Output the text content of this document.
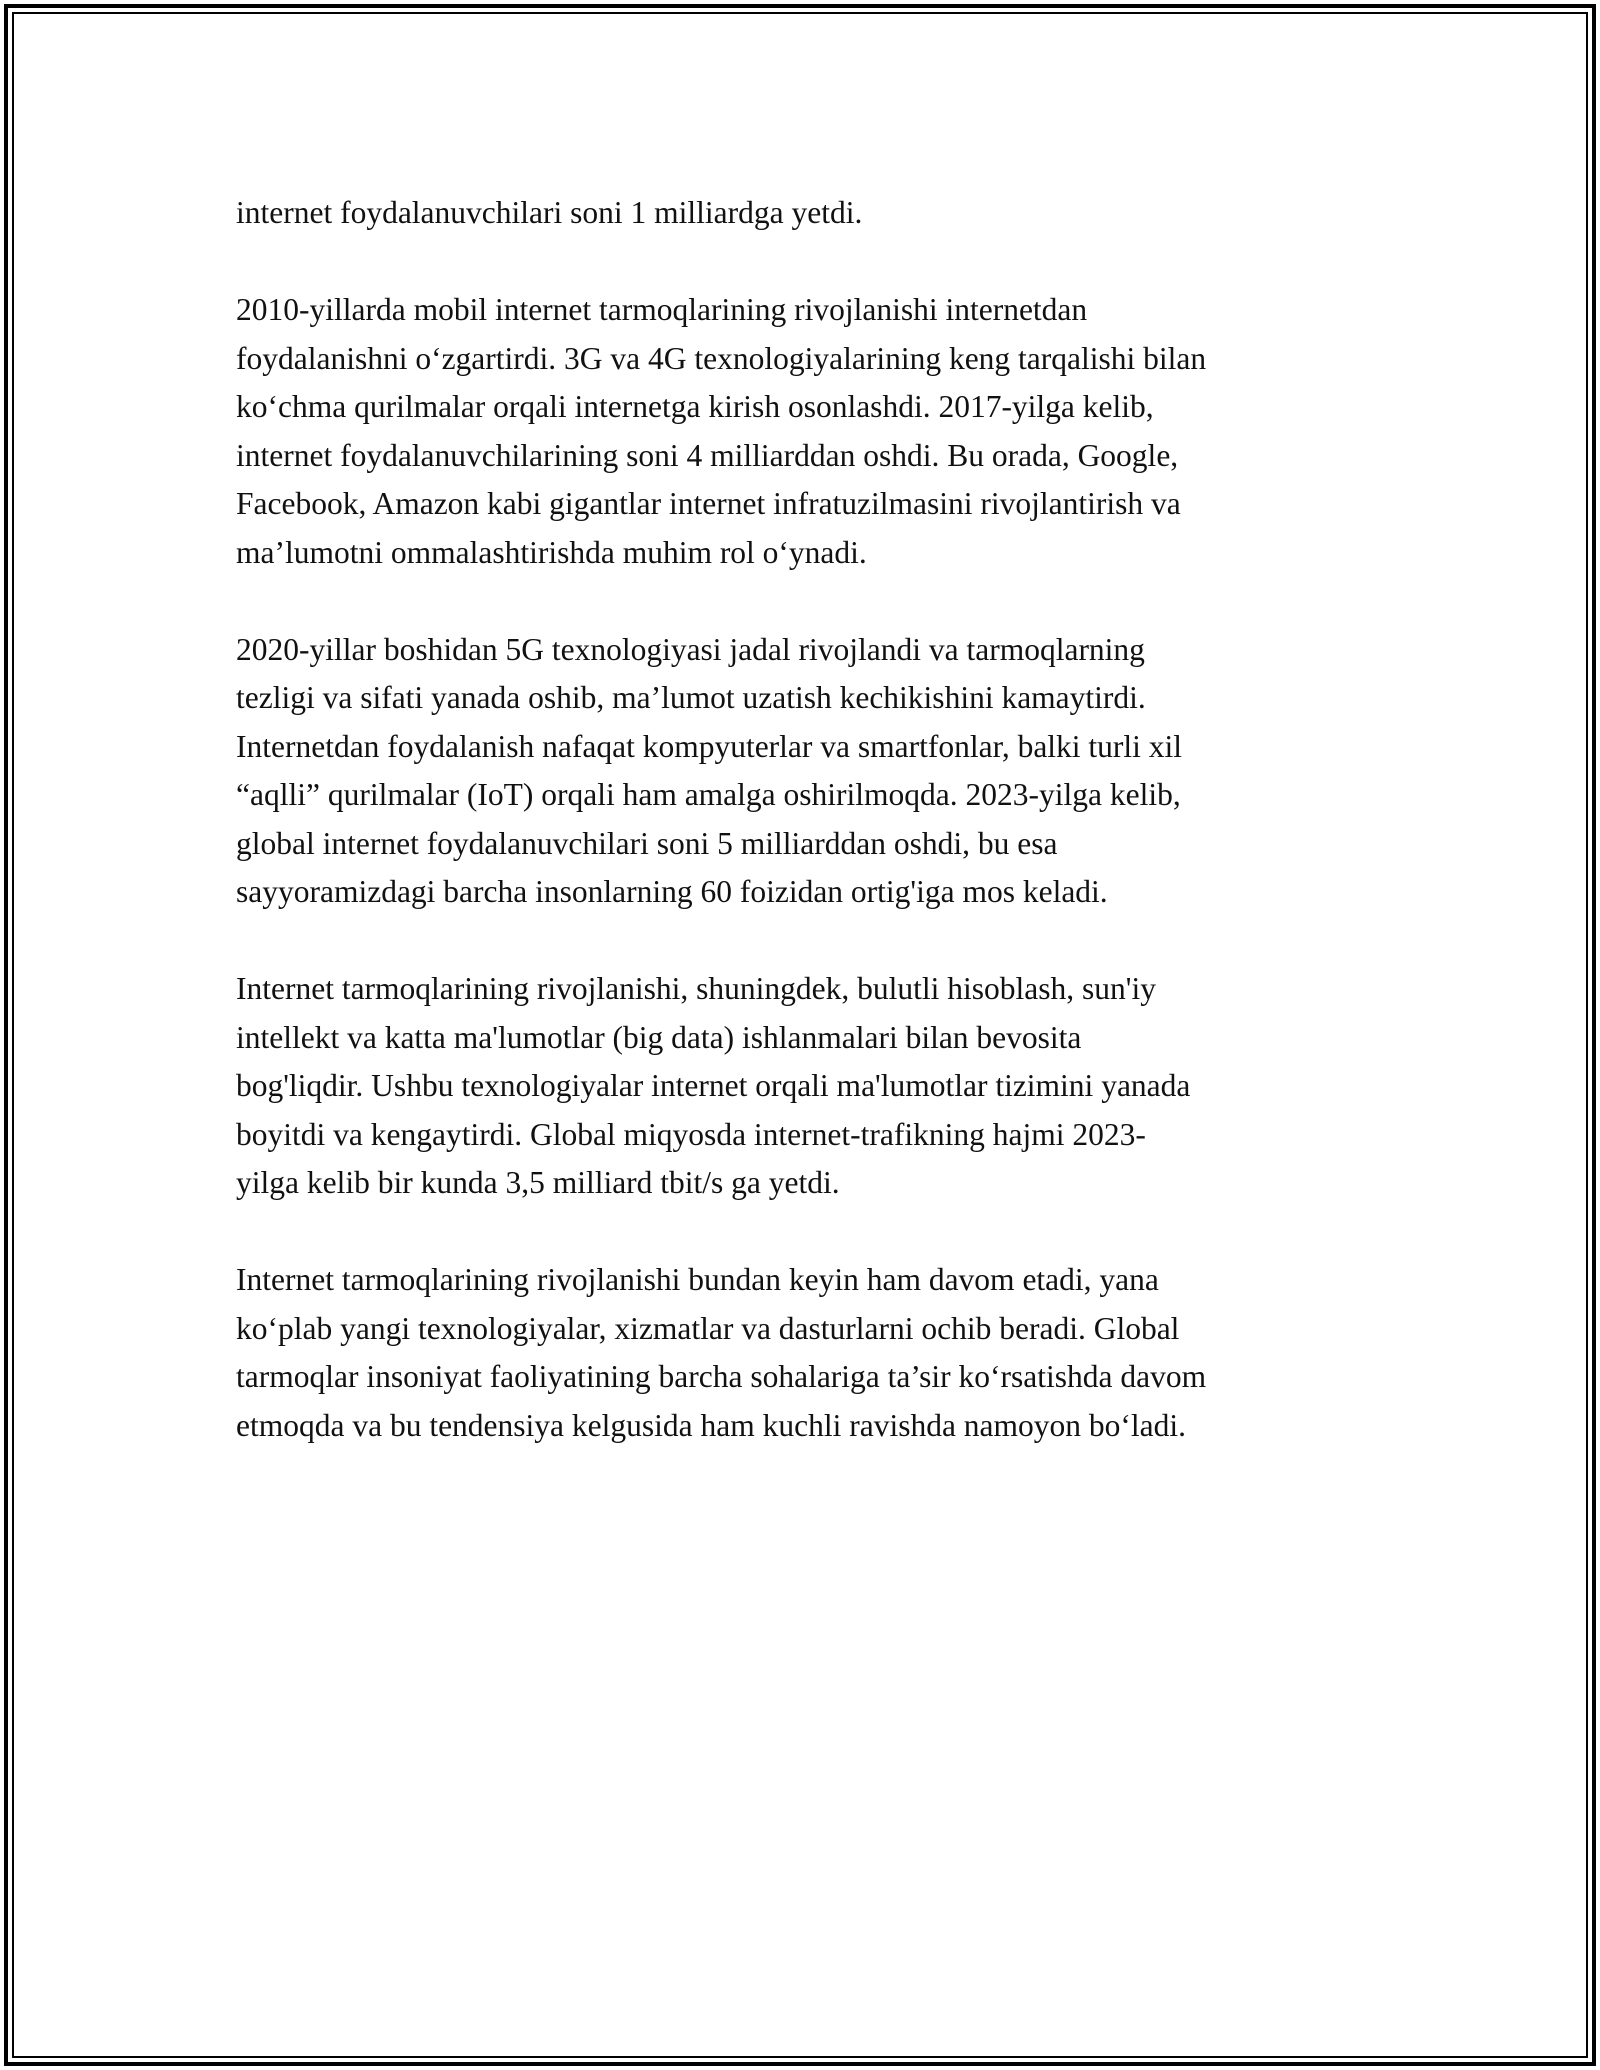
internet foydalanuvchilari soni 1 milliardga yetdi.

2010-yillarda mobil internet tarmoqlarining rivojlanishi internetdan
foydalanishni o‘zgartirdi. 3G va 4G texnologiyalarining keng tarqalishi bilan
ko‘chma qurilmalar orqali internetga kirish osonlashdi. 2017-yilga kelib,
internet foydalanuvchilarining soni 4 milliarddan oshdi. Bu orada, Google,
Facebook, Amazon kabi gigantlar internet infratuzilmasini rivojlantirish va
ma’lumotni ommalashtirishda muhim rol o‘ynadi.

2020-yillar boshidan 5G texnologiyasi jadal rivojlandi va tarmoqlarning
tezligi va sifati yanada oshib, ma’lumot uzatish kechikishini kamaytirdi.
Internetdan foydalanish nafaqat kompyuterlar va smartfonlar, balki turli xil
“aqlli” qurilmalar (IoT) orqali ham amalga oshirilmoqda. 2023-yilga kelib,
global internet foydalanuvchilari soni 5 milliarddan oshdi, bu esa
sayyoramizdagi barcha insonlarning 60 foizidan ortig'iga mos keladi.

Internet tarmoqlarining rivojlanishi, shuningdek, bulutli hisoblash, sun'iy
intellekt va katta ma'lumotlar (big data) ishlanmalari bilan bevosita
bog'liqdir. Ushbu texnologiyalar internet orqali ma'lumotlar tizimini yanada
boyitdi va kengaytirdi. Global miqyosda internet-trafikning hajmi 2023-
yilga kelib bir kunda 3,5 milliard tbit/s ga yetdi.

Internet tarmoqlarining rivojlanishi bundan keyin ham davom etadi, yana
ko‘plab yangi texnologiyalar, xizmatlar va dasturlarni ochib beradi. Global
tarmoqlar insoniyat faoliyatining barcha sohalariga ta’sir ko‘rsatishda davom
etmoqda va bu tendensiya kelgusida ham kuchli ravishda namoyon bo‘ladi.
